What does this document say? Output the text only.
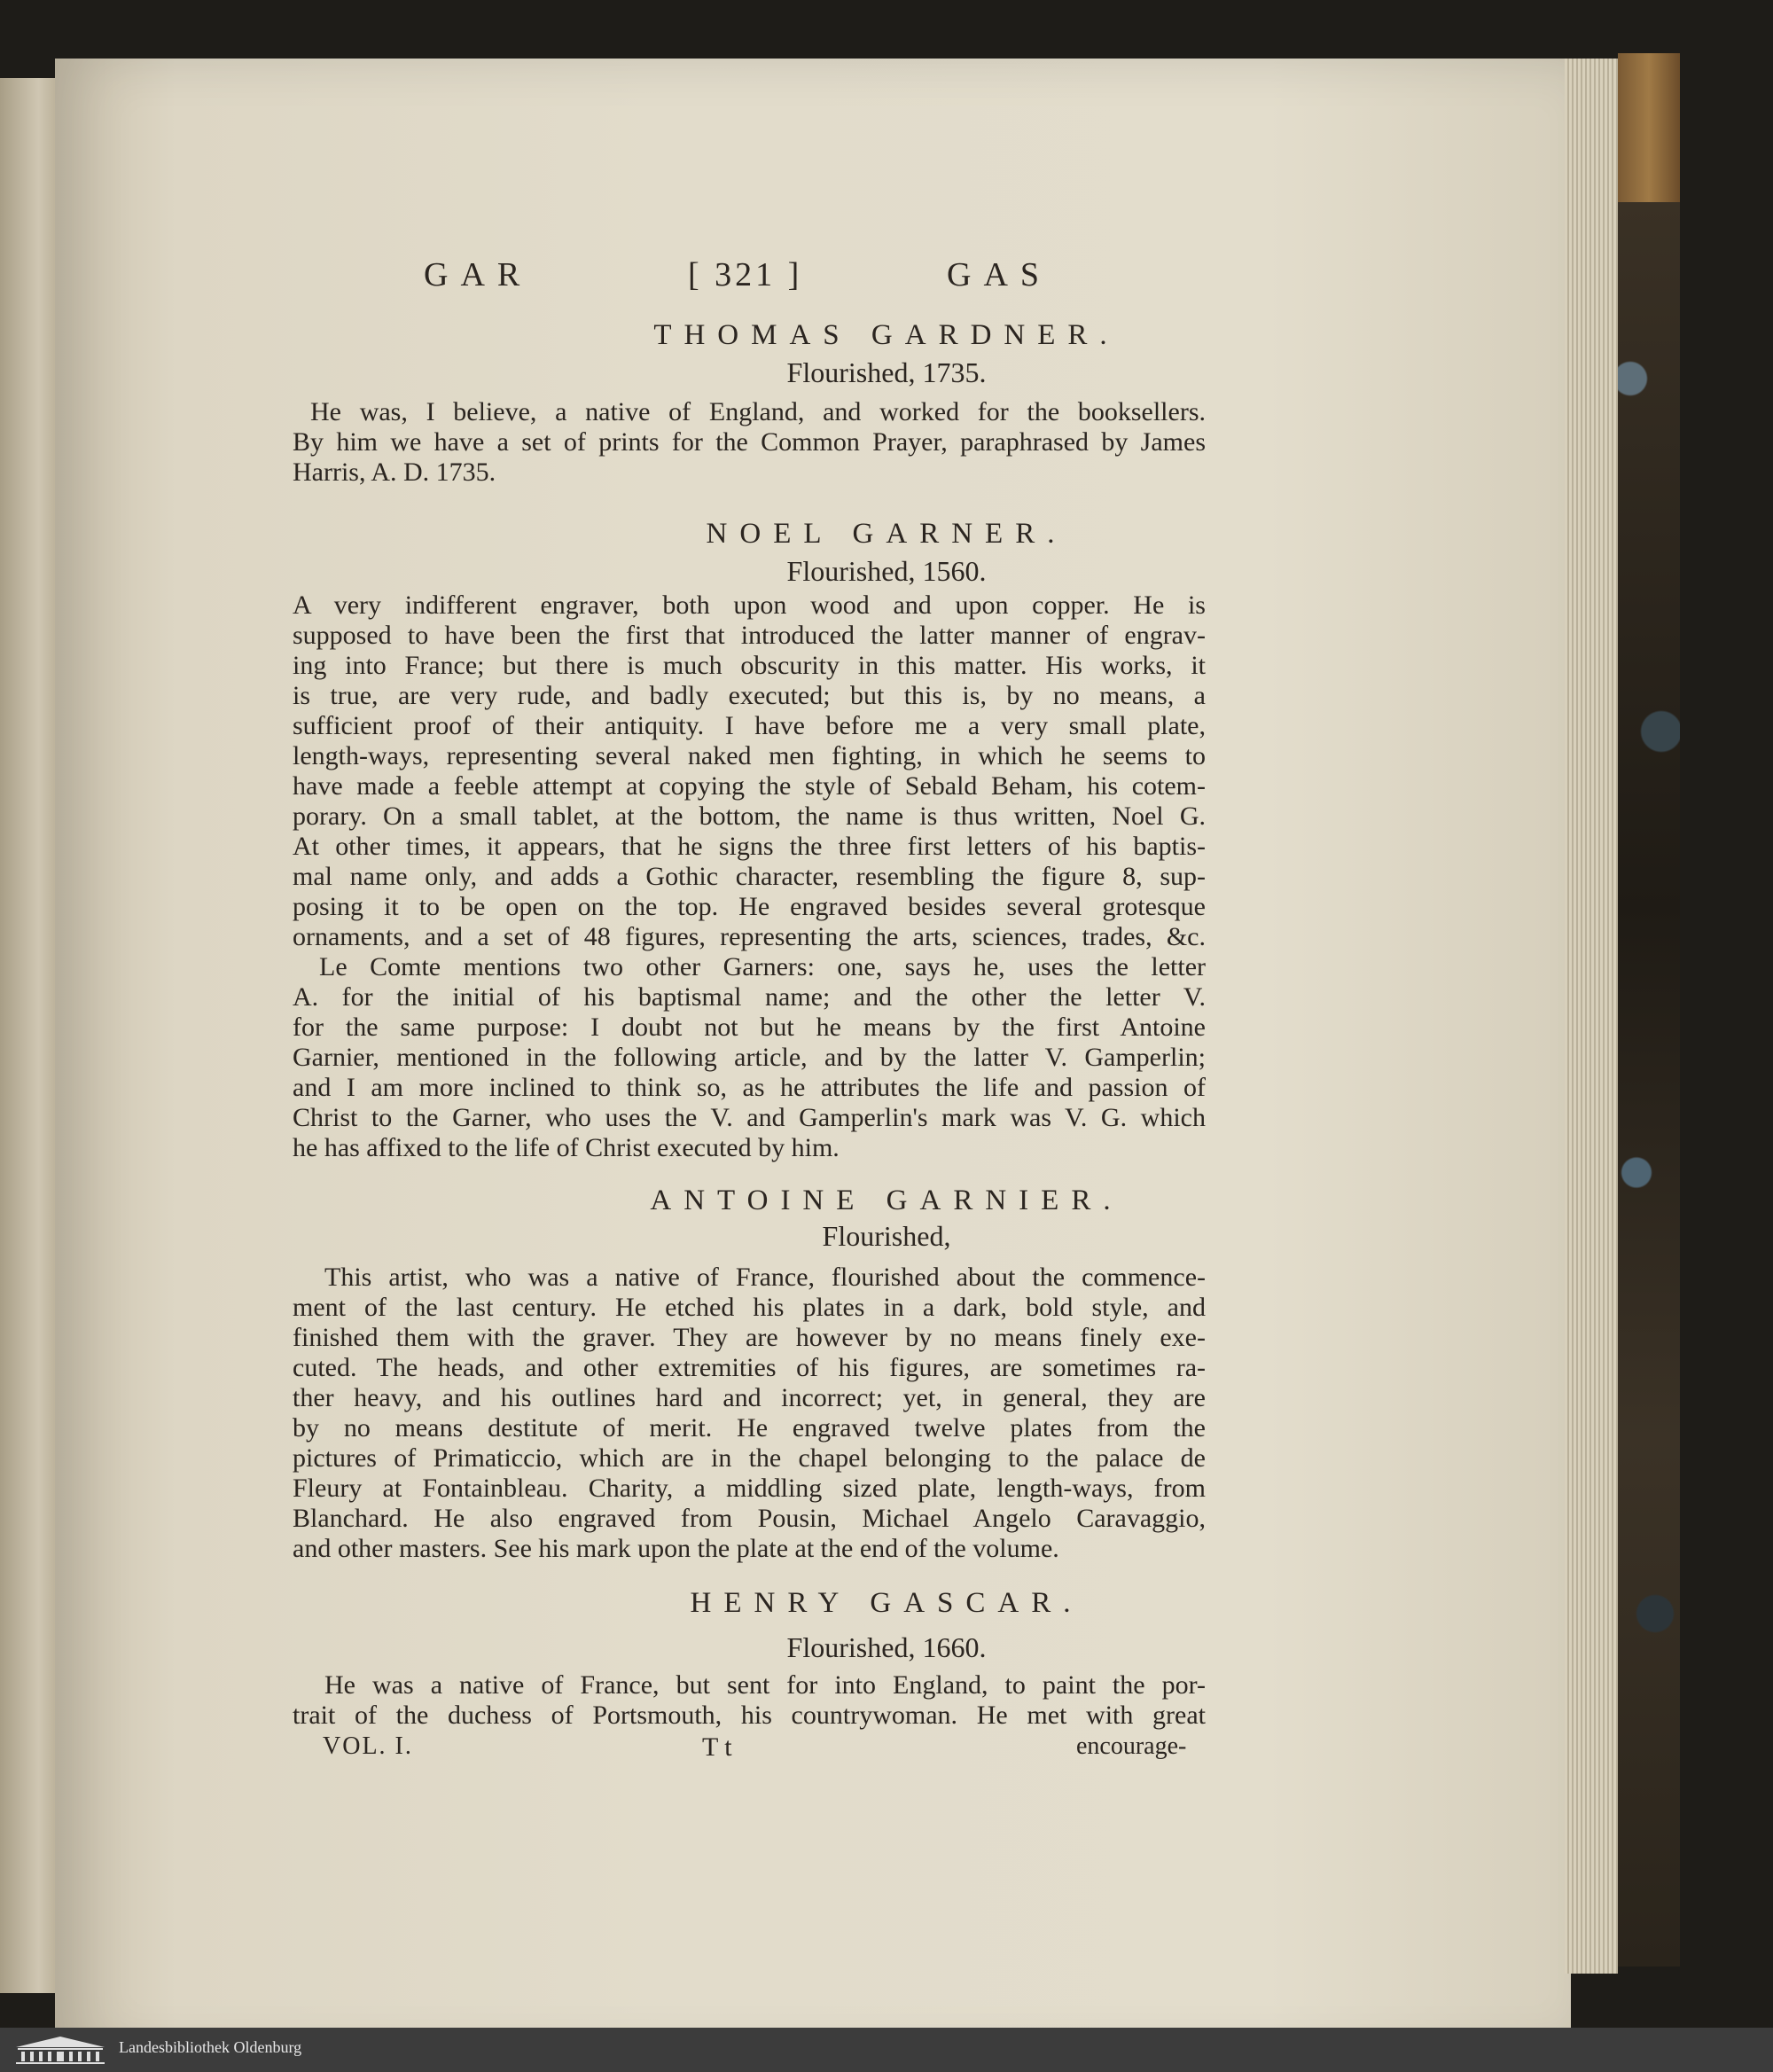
GAR	[ 321 ]	GAS
THOMAS GARDNER.
Flourished, 1735.
He was, I believe, a native of England, and worked for the booksellers.
By him we have a set of prints for the Common Prayer, paraphrased by James
Harris, A. D. 1735.
NOEL GARNER.
Flourished, 1560.
A very indifferent engraver, both upon wood and upon copper. He is
supposed to have been the first that introduced the latter manner of engrav-
ing into France; but there is much obscurity in this matter. His works, it
is true, are very rude, and badly executed; but this is, by no means, a
sufficient proof of their antiquity. I have before me a very small plate,
length-ways, representing several naked men fighting, in which he seems to
have made a feeble attempt at copying the style of Sebald Beham, his cotem-
porary. On a small tablet, at the bottom, the name is thus written, Noel G.
At other times, it appears, that he signs the three first letters of his baptis-
mal name only, and adds a Gothic character, resembling the figure 8, sup-
posing it to be open on the top. He engraved besides several grotesque
ornaments, and a set of 48 figures, representing the arts, sciences, trades, &c.
Le Comte mentions two other Garners: one, says he, uses the letter
A. for the initial of his baptismal name; and the other the letter V.
for the same purpose: I doubt not but he means by the first Antoine
Garnier, mentioned in the following article, and by the latter V. Gamperlin;
and I am more inclined to think so, as he attributes the life and passion of
Christ to the Garner, who uses the V. and Gamperlin's mark was V. G. which
he has affixed to the life of Christ executed by him.
ANTOINE GARNIER.
Flourished,
This artist, who was a native of France, flourished about the commence-
ment of the last century. He etched his plates in a dark, bold style, and
finished them with the graver. They are however by no means finely exe-
cuted. The heads, and other extremities of his figures, are sometimes ra-
ther heavy, and his outlines hard and incorrect; yet, in general, they are
by no means destitute of merit. He engraved twelve plates from the
pictures of Primaticcio, which are in the chapel belonging to the palace de
Fleury at Fontainbleau. Charity, a middling sized plate, length-ways, from
Blanchard. He also engraved from Pousin, Michael Angelo Caravaggio,
and other masters. See his mark upon the plate at the end of the volume.
HENRY GASCAR.
Flourished, 1660.
He was a native of France, but sent for into England, to paint the por-
trait of the duchess of Portsmouth, his countrywoman. He met with great
VOL. I.	T t	encourage-
Landesbibliothek Oldenburg
